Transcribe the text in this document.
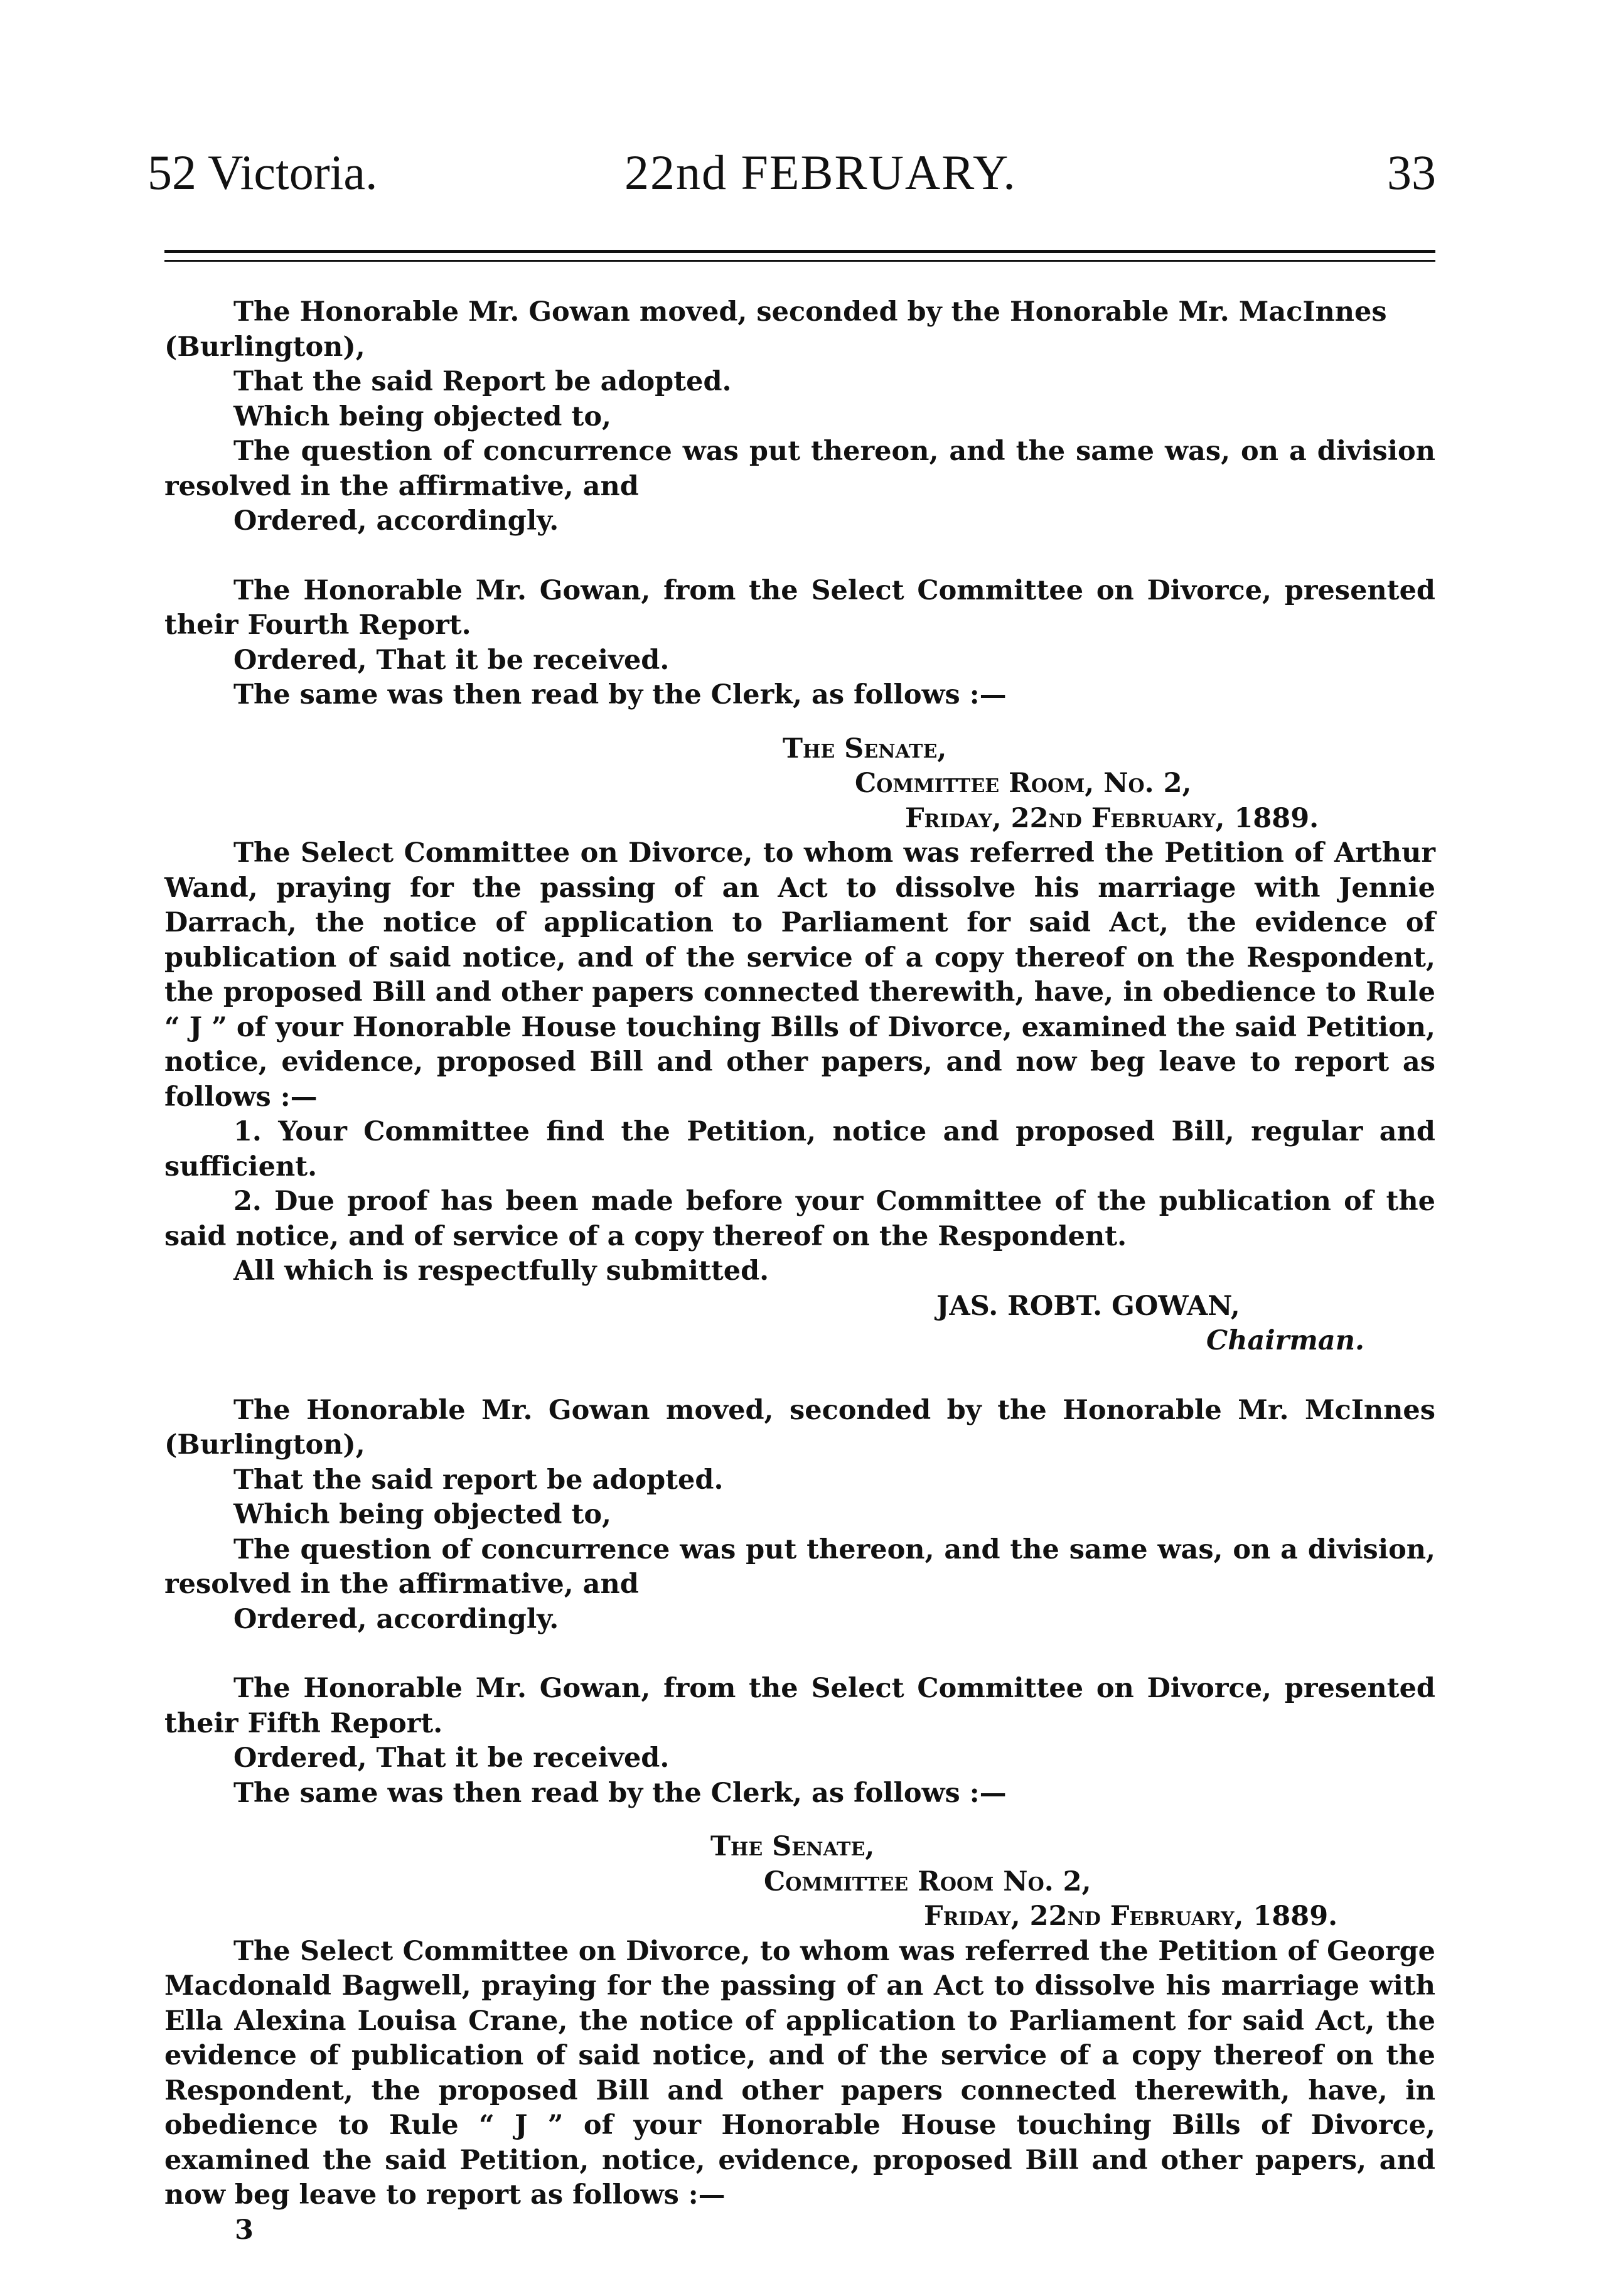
52 Victoria.	22nd FEBRUARY.	33

The Honorable Mr. Gowan moved, seconded by the Honorable Mr. MacInnes

(Burlington),

That the said Report be adopted.

Which being objected to,

The question of concurrence was put thereon, and the same was, on a division resolved in the affirmative, and

Ordered, accordingly.

The Honorable Mr. Gowan, from the Select Committee on Divorce, presented their Fourth Report.

Ordered, That it be received.

The same was then read by the Clerk, as follows :—

The Senate,

Committee Room, No. 2,

Friday, 22nd February, 1889.

The Select Committee on Divorce, to whom was referred the Petition of Arthur Wand, praying for the passing of an Act to dissolve his marriage with Jennie Darrach, the notice of application to Parliament for said Act, the evidence of publication of said notice, and of the service of a copy thereof on the Respondent, the proposed Bill and other papers connected therewith, have, in obedience to Rule “ J ” of your Honorable House touching Bills of Divorce, examined the said Petition, notice, evidence, proposed Bill and other papers, and now beg leave to report as follows :—

1. Your Committee find the Petition, notice and proposed Bill, regular and sufficient.

2. Due proof has been made before your Committee of the publication of the said notice, and of service of a copy thereof on the Respondent.

All which is respectfully submitted.

JAS. ROBT. GOWAN,

Chairman.

The Honorable Mr. Gowan moved, seconded by the Honorable Mr. McInnes (Burlington),

That the said report be adopted.

Which being objected to,

The question of concurrence was put thereon, and the same was, on a division, resolved in the affirmative, and

Ordered, accordingly.

The Honorable Mr. Gowan, from the Select Committee on Divorce, presented their Fifth Report.

Ordered, That it be received.

The same was then read by the Clerk, as follows :—

The Senate,

Committee Room No. 2,

Friday, 22nd February, 1889.

The Select Committee on Divorce, to whom was referred the Petition of George Macdonald Bagwell, praying for the passing of an Act to dissolve his marriage with Ella Alexina Louisa Crane, the notice of application to Parliament for said Act, the evidence of publication of said notice, and of the service of a copy thereof on the Respondent, the proposed Bill and other papers connected therewith, have, in obedience to Rule “ J ” of your Honorable House touching Bills of Divorce, examined the said Petition, notice, evidence, proposed Bill and other papers, and now beg leave to report as follows :—

3
